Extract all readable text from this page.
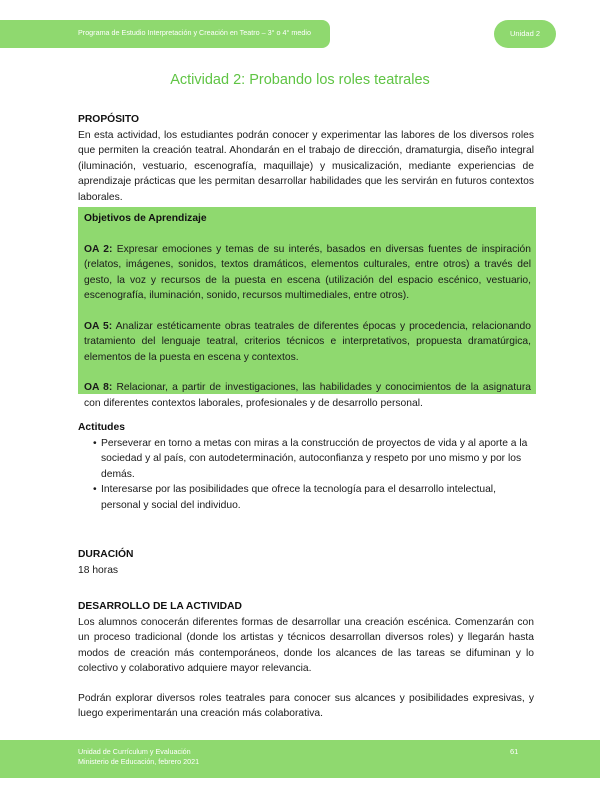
Programa de Estudio Interpretación y Creación en Teatro – 3° o 4° medio	Unidad 2
Actividad 2: Probando los roles teatrales
PROPÓSITO
En esta actividad, los estudiantes podrán conocer y experimentar las labores de los diversos roles que permiten la creación teatral. Ahondarán en el trabajo de dirección, dramaturgia, diseño integral (iluminación, vestuario, escenografía, maquillaje) y musicalización, mediante experiencias de aprendizaje prácticas que les permitan desarrollar habilidades que les servirán en futuros contextos laborales.

Objetivos de Aprendizaje

OA 2: Expresar emociones y temas de su interés, basados en diversas fuentes de inspiración (relatos, imágenes, sonidos, textos dramáticos, elementos culturales, entre otros) a través del gesto, la voz y recursos de la puesta en escena (utilización del espacio escénico, vestuario, escenografía, iluminación, sonido, recursos multimediales, entre otros).

OA 5: Analizar estéticamente obras teatrales de diferentes épocas y procedencia, relacionando tratamiento del lenguaje teatral, criterios técnicos e interpretativos, propuesta dramatúrgica, elementos de la puesta en escena y contextos.

OA 8: Relacionar, a partir de investigaciones, las habilidades y conocimientos de la asignatura con diferentes contextos laborales, profesionales y de desarrollo personal.

Actitudes
• Perseverar en torno a metas con miras a la construcción de proyectos de vida y al aporte a la sociedad y al país, con autodeterminación, autoconfianza y respeto por uno mismo y por los demás.
• Interesarse por las posibilidades que ofrece la tecnología para el desarrollo intelectual, personal y social del individuo.
DURACIÓN
18 horas
DESARROLLO DE LA ACTIVIDAD
Los alumnos conocerán diferentes formas de desarrollar una creación escénica. Comenzarán con un proceso tradicional (donde los artistas y técnicos desarrollan diversos roles) y llegarán hasta modos de creación más contemporáneos, donde los alcances de las tareas se difuminan y lo colectivo y colaborativo adquiere mayor relevancia.
Podrán explorar diversos roles teatrales para conocer sus alcances y posibilidades expresivas, y luego experimentarán una creación más colaborativa.
Unidad de Currículum y Evaluación
Ministerio de Educación, febrero 2021
61
